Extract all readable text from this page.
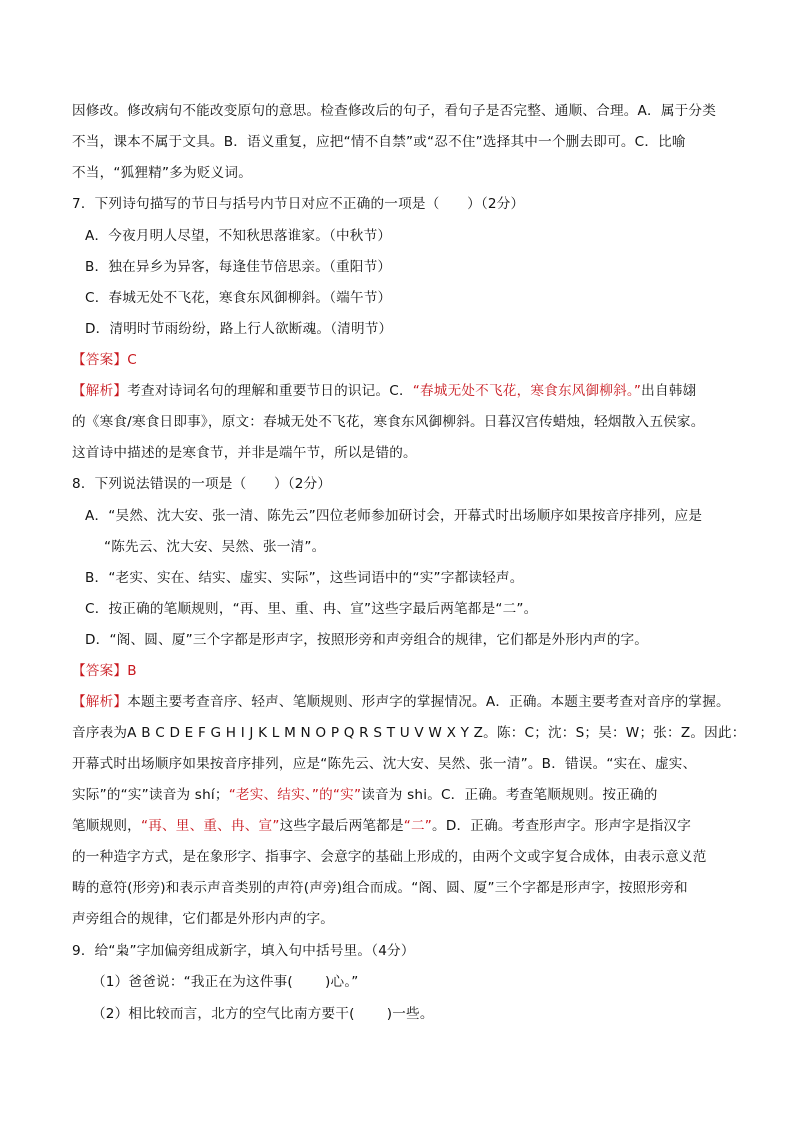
因修改。修改病句不能改变原句的意思。检查修改后的句子，看句子是否完整、通顺、合理。A．属于分类
不当，课本不属于文具。B．语义重复，应把“情不自禁”或“忍不住”选择其中一个删去即可。C．比喻
不当，“狐狸精”多为贬义词。
7．下列诗句描写的节日与括号内节日对应不正确的一项是（　　）（2分）
A．今夜月明人尽望，不知秋思落谁家。（中秋节）
B．独在异乡为异客，每逢佳节倍思亲。（重阳节）
C．春城无处不飞花，寒食东风御柳斜。（端午节）
D．清明时节雨纷纷，路上行人欲断魂。（清明节）
【答案】C
【解析】考查对诗词名句的理解和重要节日的识记。C．“春城无处不飞花，寒食东风御柳斜。”出自韩翃
的《寒食/寒食日即事》，原文：春城无处不飞花，寒食东风御柳斜。日暮汉宫传蜡烛，轻烟散入五侯家。
这首诗中描述的是寒食节，并非是端午节，所以是错的。
8．下列说法错误的一项是（　　）（2分）
A．“吴然、沈大安、张一清、陈先云”四位老师参加研讨会，开幕式时出场顺序如果按音序排列，应是
“陈先云、沈大安、吴然、张一清”。
B．“老实、实在、结实、虚实、实际”，这些词语中的“实”字都读轻声。
C．按正确的笔顺规则，“再、里、重、冉、宣”这些字最后两笔都是“二”。
D．“阁、圆、厦”三个字都是形声字，按照形旁和声旁组合的规律，它们都是外形内声的字。
【答案】B
【解析】本题主要考查音序、轻声、笔顺规则、形声字的掌握情况。A．正确。本题主要考查对音序的掌握。
音序表为A B C D E F G H I J K L M N O P Q R S T U V W X Y Z。陈：C；沈：S；吴：W；张：Z。因此：
开幕式时出场顺序如果按音序排列，应是“陈先云、沈大安、吴然、张一清”。B．错误。“实在、虚实、
实际”的“实”读音为 shí；“老实、结实、”的“实”读音为 shi。C．正确。考查笔顺规则。按正确的
笔顺规则，“再、里、重、冉、宣”这些字最后两笔都是“二”。D．正确。考查形声字。形声字是指汉字
的一种造字方式，是在象形字、指事字、会意字的基础上形成的，由两个文或字复合成体，由表示意义范
畴的意符(形旁)和表示声音类别的声符(声旁)组合而成。“阁、圆、厦”三个字都是形声字，按照形旁和
声旁组合的规律，它们都是外形内声的字。
9．给“枭”字加偏旁组成新字，填入句中括号里。（4分）
（1）爸爸说：“我正在为这件事(　　 )心。”
（2）相比较而言，北方的空气比南方要干(　　 )一些。
